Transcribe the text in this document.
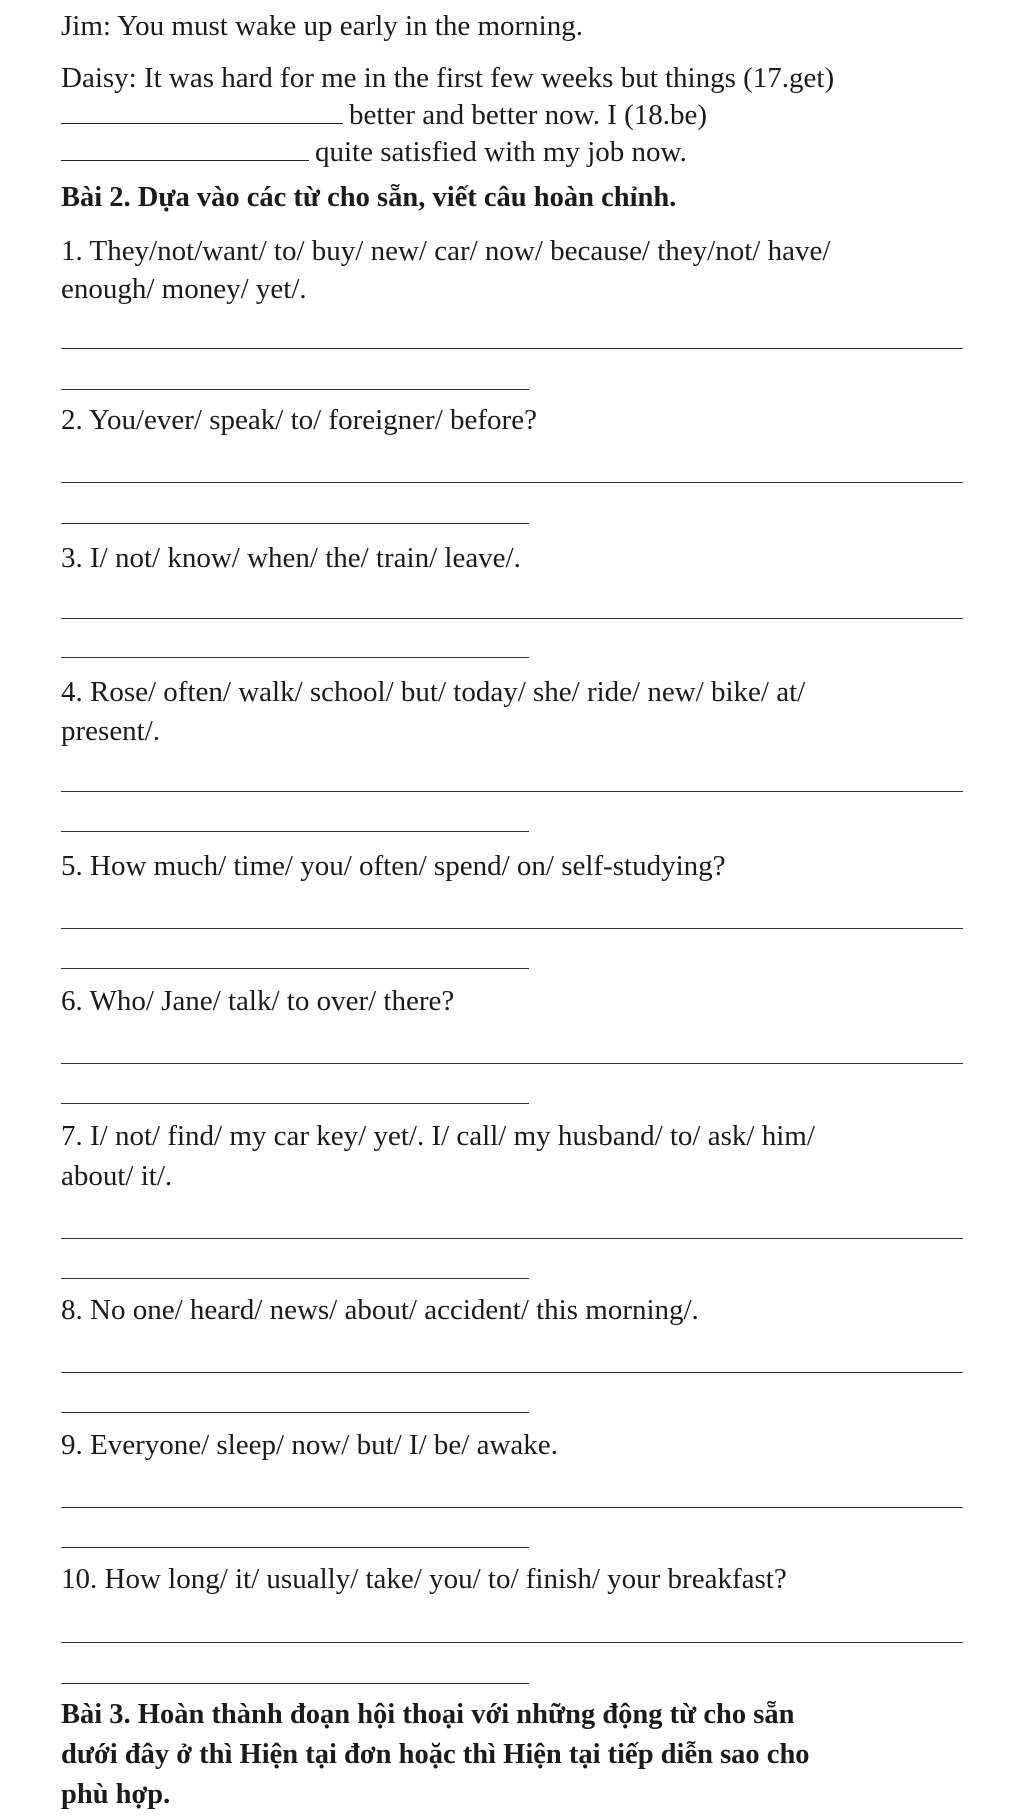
Jim: You must wake up early in the morning.
Daisy: It was hard for me in the first few weeks but things (17.get)
better and better now. I (18.be)
quite satisfied with my job now.
Bài 2. Dựa vào các từ cho sẵn, viết câu hoàn chỉnh.
1. They/not/want/ to/ buy/ new/ car/ now/ because/ they/not/ have/
enough/ money/ yet/.
2. You/ever/ speak/ to/ foreigner/ before?
3. I/ not/ know/ when/ the/ train/ leave/.
4. Rose/ often/ walk/ school/ but/ today/ she/ ride/ new/ bike/ at/
present/.
5. How much/ time/ you/ often/ spend/ on/ self-studying?
6. Who/ Jane/ talk/ to over/ there?
7. I/ not/ find/ my car key/ yet/. I/ call/ my husband/ to/ ask/ him/
about/ it/.
8. No one/ heard/ news/ about/ accident/ this morning/.
9. Everyone/ sleep/ now/ but/ I/ be/ awake.
10. How long/ it/ usually/ take/ you/ to/ finish/ your breakfast?
Bài 3. Hoàn thành đoạn hội thoại với những động từ cho sẵn
dưới đây ở thì Hiện tại đơn hoặc thì Hiện tại tiếp diễn sao cho
phù hợp.
